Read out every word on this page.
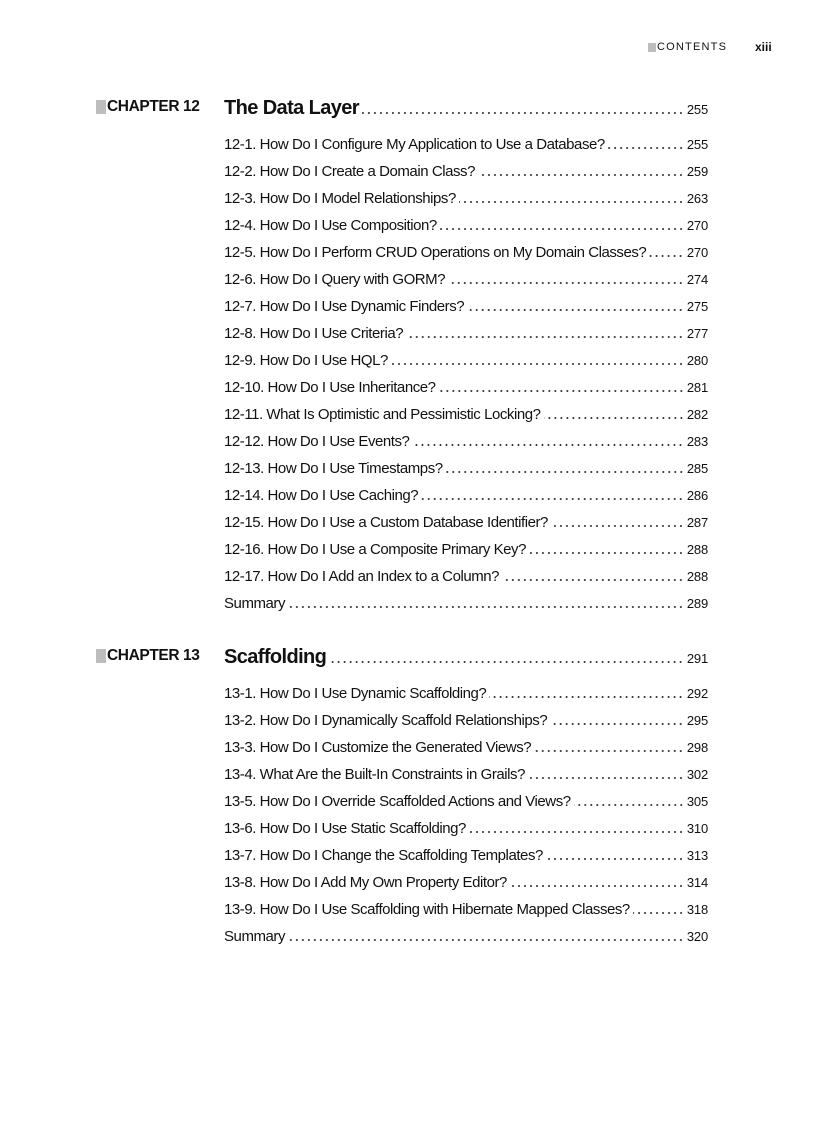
CONTENTS xiii
CHAPTER 12 The Data Layer	255
12-1. How Do I Configure My Application to Use a Database?	255
12-2. How Do I Create a Domain Class?	259
12-3. How Do I Model Relationships?	263
12-4. How Do I Use Composition?	270
12-5. How Do I Perform CRUD Operations on My Domain Classes?	270
12-6. How Do I Query with GORM?	274
12-7. How Do I Use Dynamic Finders?	275
12-8. How Do I Use Criteria?	277
12-9. How Do I Use HQL?	280
12-10. How Do I Use Inheritance?	281
12-11. What Is Optimistic and Pessimistic Locking?	282
12-12. How Do I Use Events?	283
12-13. How Do I Use Timestamps?	285
12-14. How Do I Use Caching?	286
12-15. How Do I Use a Custom Database Identifier?	287
12-16. How Do I Use a Composite Primary Key?	288
12-17. How Do I Add an Index to a Column?	288
Summary	289
CHAPTER 13 Scaffolding	291
13-1. How Do I Use Dynamic Scaffolding?	292
13-2. How Do I Dynamically Scaffold Relationships?	295
13-3. How Do I Customize the Generated Views?	298
13-4. What Are the Built-In Constraints in Grails?	302
13-5. How Do I Override Scaffolded Actions and Views?	305
13-6. How Do I Use Static Scaffolding?	310
13-7. How Do I Change the Scaffolding Templates?	313
13-8. How Do I Add My Own Property Editor?	314
13-9. How Do I Use Scaffolding with Hibernate Mapped Classes?	318
Summary	320
